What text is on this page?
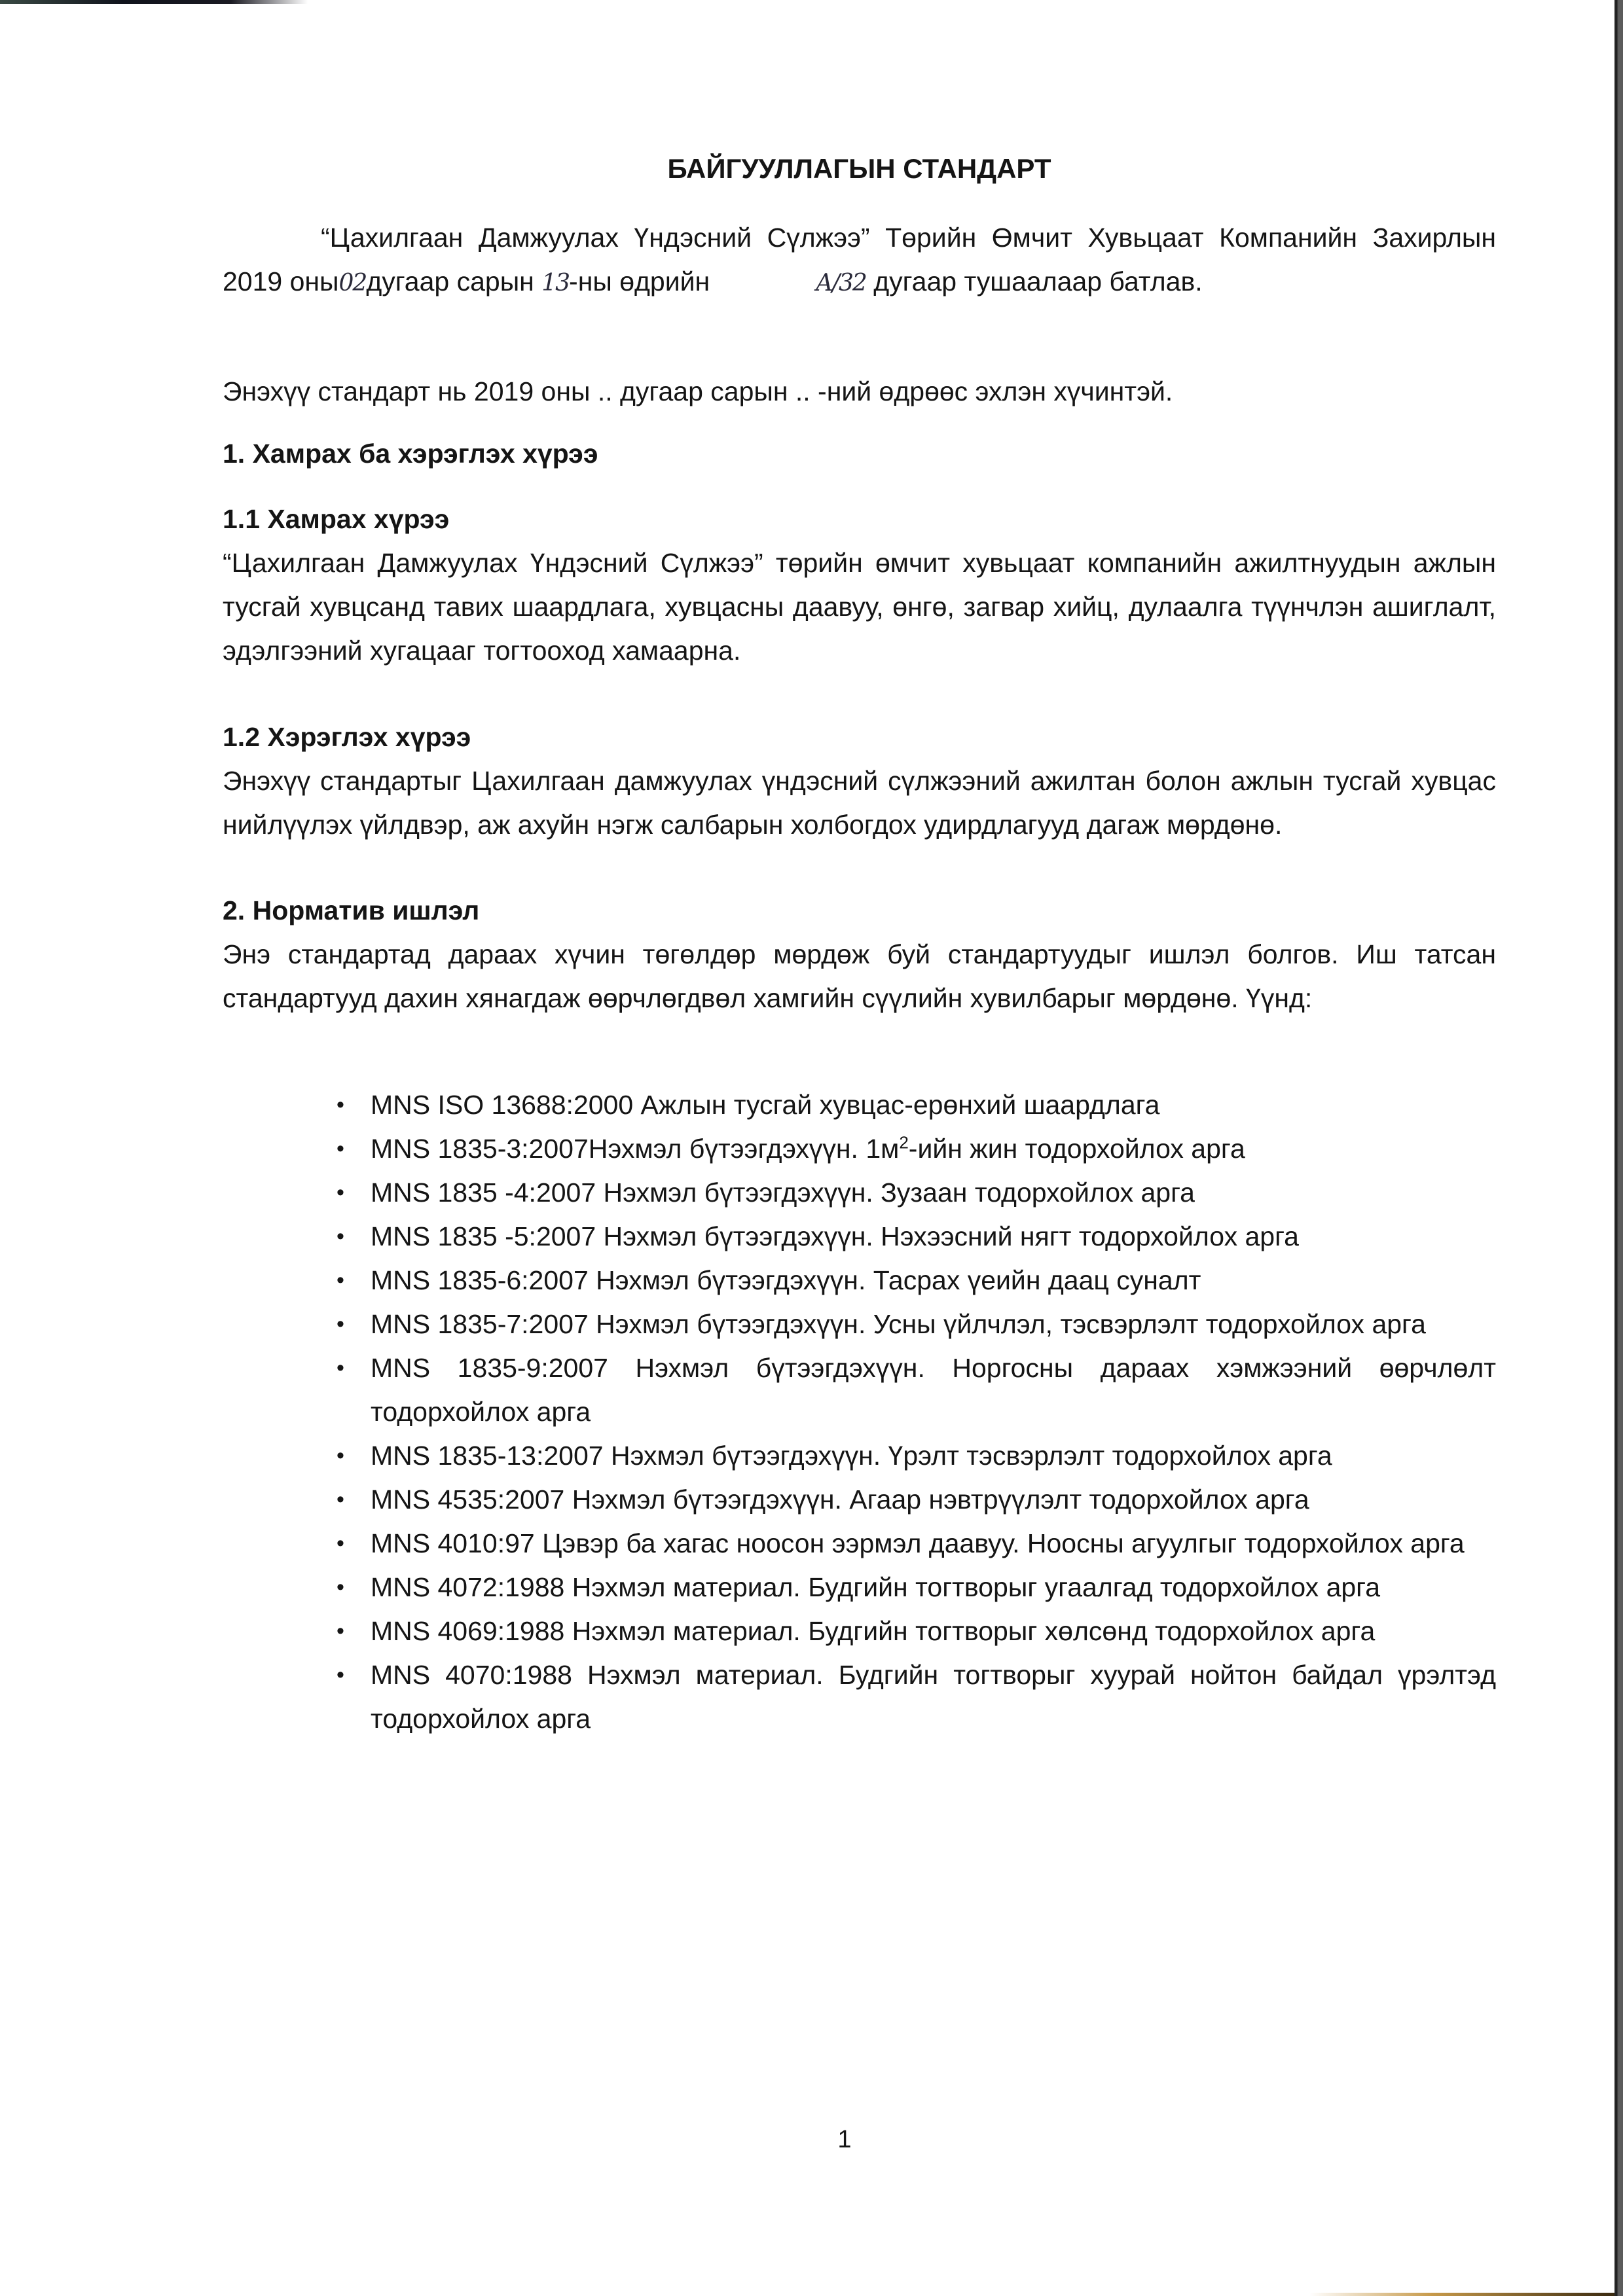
БАЙГУУЛЛАГЫН СТАНДАРТ
“Цахилгаан Дамжуулах Үндэсний Сүлжээ” Төрийн Өмчит Хувьцаат Компанийн Захирлын 2019 оны02дугаар сарын 13-ны өдрийн	А/32 дугаар тушаалаар батлав.
Энэхүү стандарт нь 2019 оны .. дугаар сарын .. -ний өдрөөс эхлэн хүчинтэй.
1. Хамрах ба хэрэглэх хүрээ
1.1 Хамрах хүрээ
“Цахилгаан Дамжуулах Үндэсний Сүлжээ” төрийн өмчит хувьцаат компанийн ажилтнуудын ажлын тусгай хувцсанд тавих шаардлага, хувцасны даавуу, өнгө, загвар хийц, дулаалга түүнчлэн ашиглалт, эдэлгээний хугацааг тогтооход хамаарна.
1.2 Хэрэглэх хүрээ
Энэхүү стандартыг Цахилгаан дамжуулах үндэсний сүлжээний ажилтан болон ажлын тусгай хувцас нийлүүлэх үйлдвэр, аж ахуйн нэгж салбарын холбогдох удирдлагууд дагаж мөрдөнө.
2. Норматив ишлэл
Энэ стандартад дараах хүчин төгөлдөр мөрдөж буй стандартуудыг ишлэл болгов. Иш татсан стандартууд дахин хянагдаж өөрчлөгдвөл хамгийн сүүлийн хувилбарыг мөрдөнө. Үүнд:
• MNS ISO 13688:2000 Ажлын тусгай хувцас-ерөнхий шаардлага
• MNS 1835-3:2007Нэхмэл бүтээгдэхүүн. $1м^2$-ийн жин тодорхойлох арга
• MNS 1835 -4:2007 Нэхмэл бүтээгдэхүүн. Зузаан тодорхойлох арга
• MNS 1835 -5:2007 Нэхмэл бүтээгдэхүүн. Нэхээсний нягт тодорхойлох арга
• MNS 1835-6:2007 Нэхмэл бүтээгдэхүүн. Тасрах үеийн даац суналт
• MNS 1835-7:2007 Нэхмэл бүтээгдэхүүн. Усны үйлчлэл, тэсвэрлэлт тодорхойлох арга
• MNS 1835-9:2007 Нэхмэл бүтээгдэхүүн. Норгосны дараах хэмжээний өөрчлөлт тодорхойлох арга
• MNS 1835-13:2007 Нэхмэл бүтээгдэхүүн. Үрэлт тэсвэрлэлт тодорхойлох арга
• MNS 4535:2007 Нэхмэл бүтээгдэхүүн. Агаар нэвтрүүлэлт тодорхойлох арга
• MNS 4010:97 Цэвэр ба хагас ноосон ээрмэл даавуу. Ноосны агуулгыг тодорхойлох арга
• MNS 4072:1988 Нэхмэл материал. Будгийн тогтворыг угаалгад тодорхойлох арга
• MNS 4069:1988 Нэхмэл материал. Будгийн тогтворыг хөлсөнд тодорхойлох арга
• MNS 4070:1988 Нэхмэл материал. Будгийн тогтворыг хуурай нойтон байдал үрэлтэд тодорхойлох арга
1
